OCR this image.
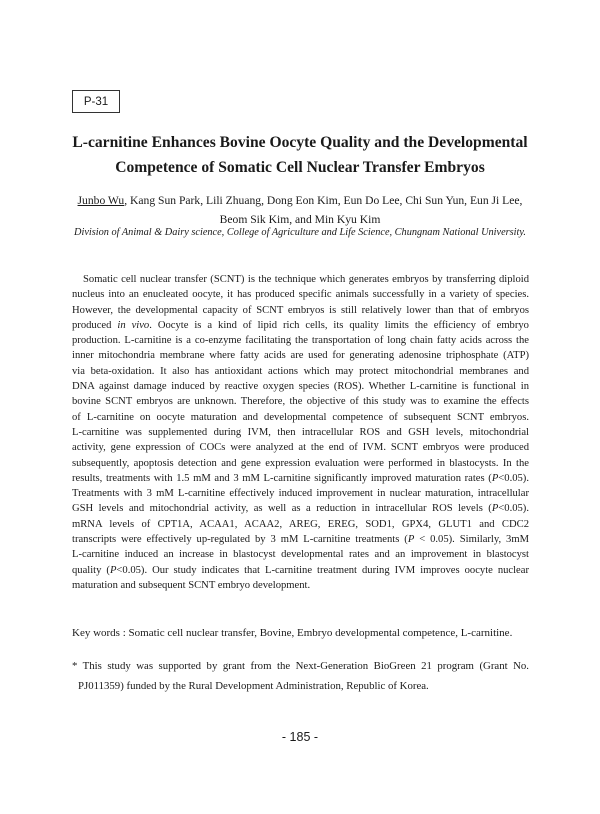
P-31
L-carnitine Enhances Bovine Oocyte Quality and the Developmental
Competence of Somatic Cell Nuclear Transfer Embryos
Junbo Wu, Kang Sun Park, Lili Zhuang, Dong Eon Kim, Eun Do Lee, Chi Sun Yun, Eun Ji Lee,
Beom Sik Kim, and Min Kyu Kim
Division of Animal & Dairy science, College of Agriculture and Life Science, Chungnam National University.
Somatic cell nuclear transfer (SCNT) is the technique which generates embryos by transferring diploid
nucleus into an enucleated oocyte, it has produced specific animals successfully in a variety of species.
However, the developmental capacity of SCNT embryos is still relatively lower than that of embryos
produced in vivo. Oocyte is a kind of lipid rich cells, its quality limits the efficiency of embryo
production. L-carnitine is a co-enzyme facilitating the transportation of long chain fatty acids across the
inner mitochondria membrane where fatty acids are used for generating adenosine triphosphate (ATP)
via beta-oxidation. It also has antioxidant actions which may protect mitochondrial membranes and
DNA against damage induced by reactive oxygen species (ROS). Whether L-carnitine is functional in
bovine SCNT embryos are unknown. Therefore, the objective of this study was to examine the effects
of L-carnitine on oocyte maturation and developmental competence of subsequent SCNT embryos.
L-carnitine was supplemented during IVM, then intracellular ROS and GSH levels, mitochondrial
activity, gene expression of COCs were analyzed at the end of IVM. SCNT embryos were produced
subsequently, apoptosis detection and gene expression evaluation were performed in blastocysts. In the
results, treatments with 1.5 mM and 3 mM L-carnitine significantly improved maturation rates (P<0.05).
Treatments with 3 mM L-carnitine effectively induced improvement in nuclear maturation, intracellular
GSH levels and mitochondrial activity, as well as a reduction in intracellular ROS levels (P<0.05).
mRNA levels of CPT1A, ACAA1, ACAA2, AREG, EREG, SOD1, GPX4, GLUT1 and CDC2
transcripts were effectively up-regulated by 3 mM L-carnitine treatments (P < 0.05). Similarly, 3mM
L-carnitine induced an increase in blastocyst developmental rates and an improvement in blastocyst
quality (P<0.05). Our study indicates that L-carnitine treatment during IVM improves oocyte nuclear
maturation and subsequent SCNT embryo development.
Key words : Somatic cell nuclear transfer, Bovine, Embryo developmental competence, L-carnitine.
* This study was supported by grant from the Next-Generation BioGreen 21 program (Grant No.
PJ011359) funded by the Rural Development Administration, Republic of Korea.
- 185 -
